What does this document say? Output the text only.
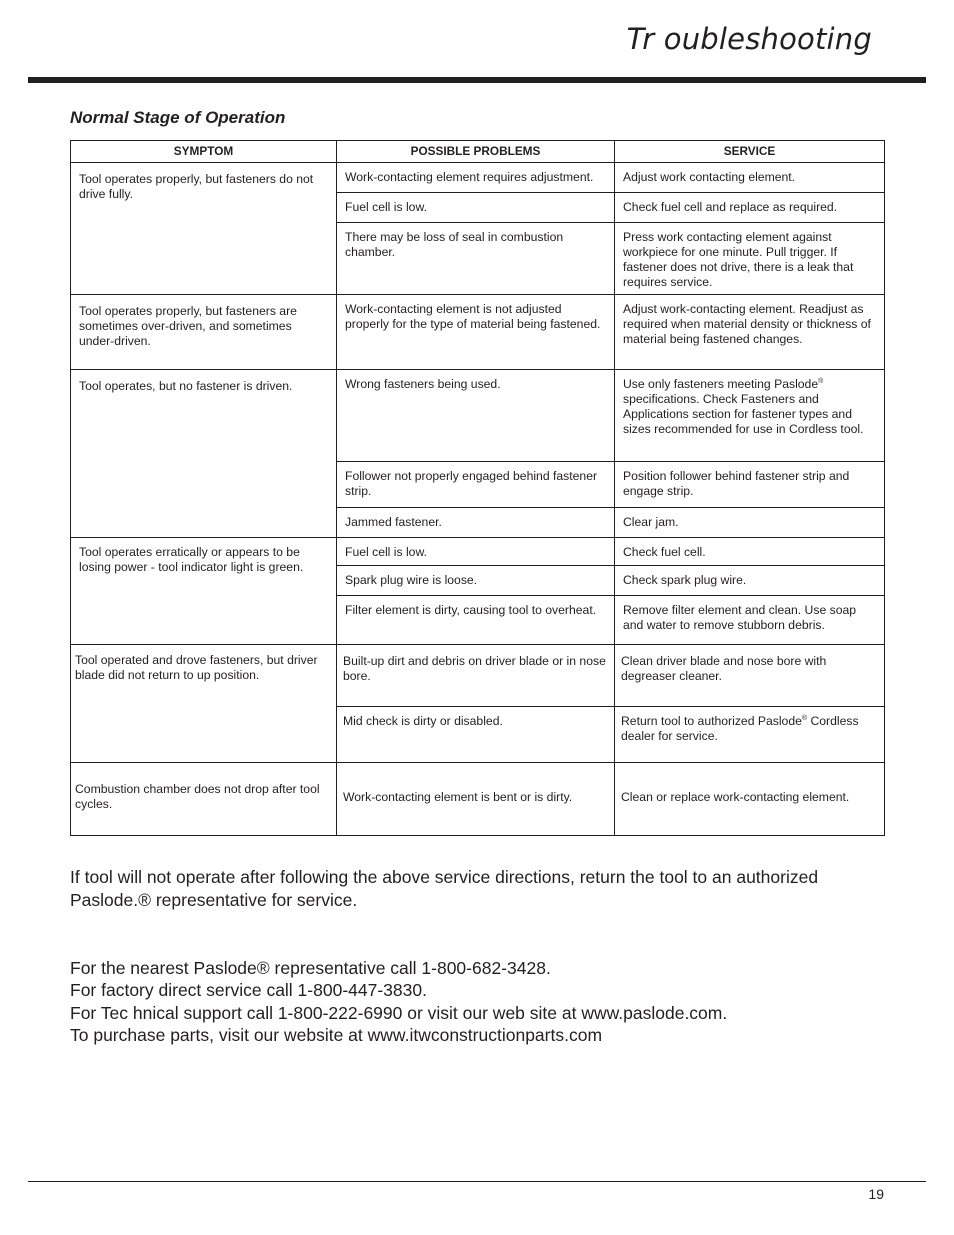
Tr oubleshooting
Normal Stage of Operation
SYMPTOM	POSSIBLE PROBLEMS	SERVICE
Tool operates properly, but fasteners do not drive fully.	Work-contacting element requires adjustment.	Adjust work contacting element.
	Fuel cell is low.	Check fuel cell and replace as required.
	There may be loss of seal in combustion chamber.	Press work contacting element against workpiece for one minute. Pull trigger. If fastener does not drive, there is a leak that requires service.
Tool operates properly, but fasteners are sometimes over-driven, and sometimes under-driven.	Work-contacting element is not adjusted properly for the type of material being fastened.	Adjust work-contacting element. Readjust as required when material density or thickness of material being fastened changes.
Tool operates, but no fastener is driven.	Wrong fasteners being used.	Use only fasteners meeting Paslode® specifications. Check Fasteners and Applications section for fastener types and sizes recommended for use in Cordless tool.
	Follower not properly engaged behind fastener strip.	Position follower behind fastener strip and engage strip.
	Jammed fastener.	Clear jam.
Tool operates erratically or appears to be losing power - tool indicator light is green.	Fuel cell is low.	Check fuel cell.
	Spark plug wire is loose.	Check spark plug wire.
	Filter element is dirty, causing tool to overheat.	Remove filter element and clean. Use soap and water to remove stubborn debris.
Tool operated and drove fasteners, but driver blade did not return to up position.	Built-up dirt and debris on driver blade or in nose bore.	Clean driver blade and nose bore with degreaser cleaner.
	Mid check is dirty or disabled.	Return tool to authorized Paslode® Cordless dealer for service.
Combustion chamber does not drop after tool cycles.	Work-contacting element is bent or is dirty.	Clean or replace work-contacting element.
If tool will not operate after following the above service directions, return the tool to an authorized Paslode.® representative for service.
For the nearest Paslode® representative call 1-800-682-3428.
For factory direct service call 1-800-447-3830.
For Tec hnical support call 1-800-222-6990 or visit our web site at www.paslode.com.
To purchase parts, visit our website at www.itwconstructionparts.com
19
